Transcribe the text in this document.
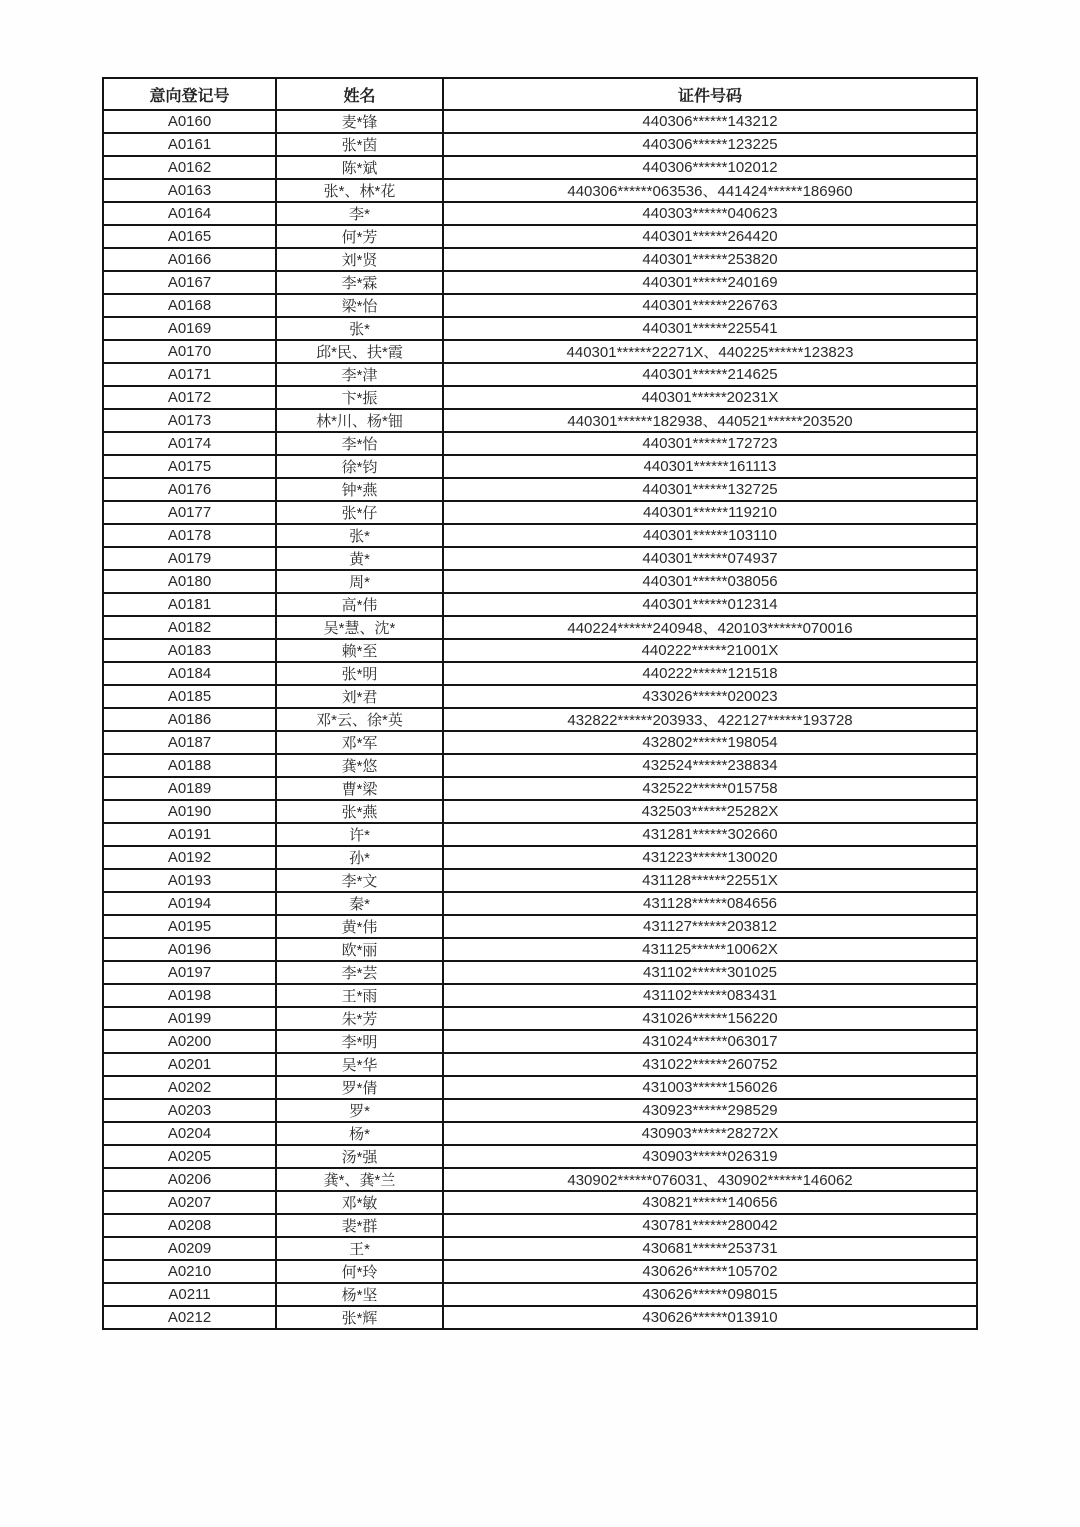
意向登记号	姓名	证件号码
A0160	麦*锋	440306******143212
A0161	张*茵	440306******123225
A0162	陈*斌	440306******102012
A0163	张*、林*花	440306******063536、441424******186960
A0164	李*	440303******040623
A0165	何*芳	440301******264420
A0166	刘*贤	440301******253820
A0167	李*霖	440301******240169
A0168	梁*怡	440301******226763
A0169	张*	440301******225541
A0170	邱*民、扶*霞	440301******22271X、440225******123823
A0171	李*津	440301******214625
A0172	卞*振	440301******20231X
A0173	林*川、杨*钿	440301******182938、440521******203520
A0174	李*怡	440301******172723
A0175	徐*钧	440301******161113
A0176	钟*燕	440301******132725
A0177	张*仔	440301******119210
A0178	张*	440301******103110
A0179	黄*	440301******074937
A0180	周*	440301******038056
A0181	高*伟	440301******012314
A0182	吴*慧、沈*	440224******240948、420103******070016
A0183	赖*至	440222******21001X
A0184	张*明	440222******121518
A0185	刘*君	433026******020023
A0186	邓*云、徐*英	432822******203933、422127******193728
A0187	邓*军	432802******198054
A0188	龚*悠	432524******238834
A0189	曹*梁	432522******015758
A0190	张*燕	432503******25282X
A0191	许*	431281******302660
A0192	孙*	431223******130020
A0193	李*文	431128******22551X
A0194	秦*	431128******084656
A0195	黄*伟	431127******203812
A0196	欧*丽	431125******10062X
A0197	李*芸	431102******301025
A0198	王*雨	431102******083431
A0199	朱*芳	431026******156220
A0200	李*明	431024******063017
A0201	吴*华	431022******260752
A0202	罗*倩	431003******156026
A0203	罗*	430923******298529
A0204	杨*	430903******28272X
A0205	汤*强	430903******026319
A0206	龚*、龚*兰	430902******076031、430902******146062
A0207	邓*敏	430821******140656
A0208	裴*群	430781******280042
A0209	王*	430681******253731
A0210	何*玲	430626******105702
A0211	杨*坚	430626******098015
A0212	张*辉	430626******013910
